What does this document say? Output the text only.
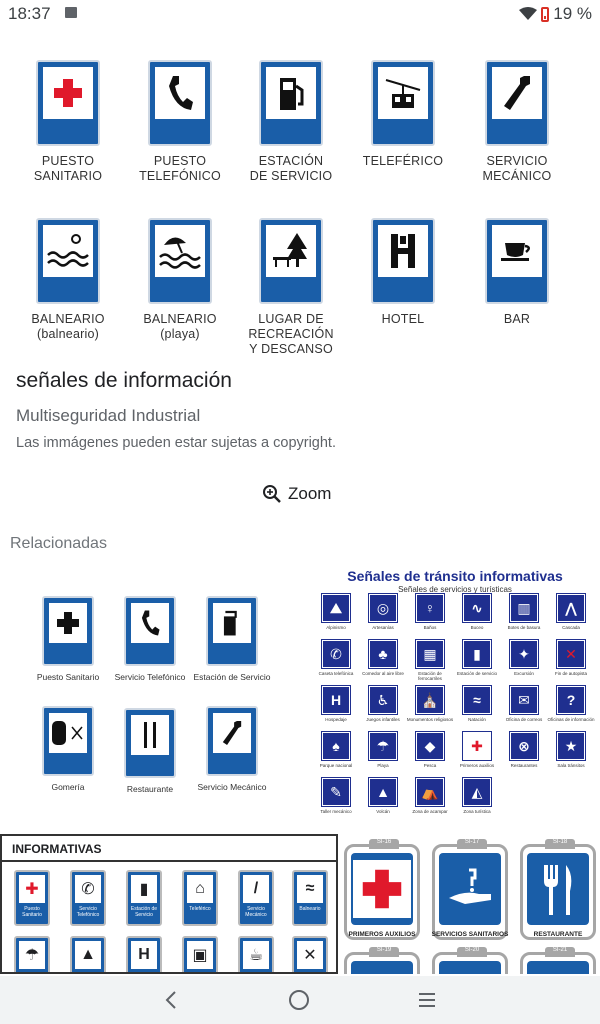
18:37	19 %
PUESTO
SANITARIO
PUESTO
TELEFÓNICO
ESTACIÓN
DE SERVICIO
TELEFÉRICO	SERVICIO
MECÁNICO
BALNEARIO
(balneario)
BALNEARIO
(playa)
LUGAR DE
RECREACIÓN
Y DESCANSO
HOTEL	BAR
señales de información
Multiseguridad Industrial
Las immágenes pueden estar sujetas a copyright.
Zoom
Relacionadas
Puesto Sanitario	Servicio Telefónico Estación de Servicio
Gomería	Restaurante	Servicio Mecánico
Señales de tránsito informativas
Señales de servicios y turísticas
⛰
Alpinismo
◎
Artesanías
♀
Baños
∿
Buceo
▥
Botes de basura
⋀
Cascada
✆
Caseta telefónica
♣
Comedor al aire libre
▦
Estación de ferrocarriles
▮
Estación de servicio
✦
Excursión
✕
Fin de autopista
H
Hospedaje
♿
Juegos infantiles
⛪
Monumentos religiosos
≈
Natación
✉
Oficina de correos
?
Oficinas de información
♠
Parque nacional
☂
Playa
◆
Pesca
✚
Primeros auxilios
⊗
Restaurantes
★
Sala tránsitos
✎
Taller mecánico
▲
Volcán
⛺
Zona de acampar
◭
Zona turística
INFORMATIVAS
✚
Puesto Sanitario
✆
Servicio Telefónico
▮
Estación de Servicio
⌂
Teleférico
/
Servicio Mecánico
≈
Balneario
☂	▲	H	▣	☕	✕
SI-16
PRIMEROS AUXILIOS
SI-17
SERVICIOS SANITARIOS
SI-18
RESTAURANTE
SI-19	SI-20	SI-21
